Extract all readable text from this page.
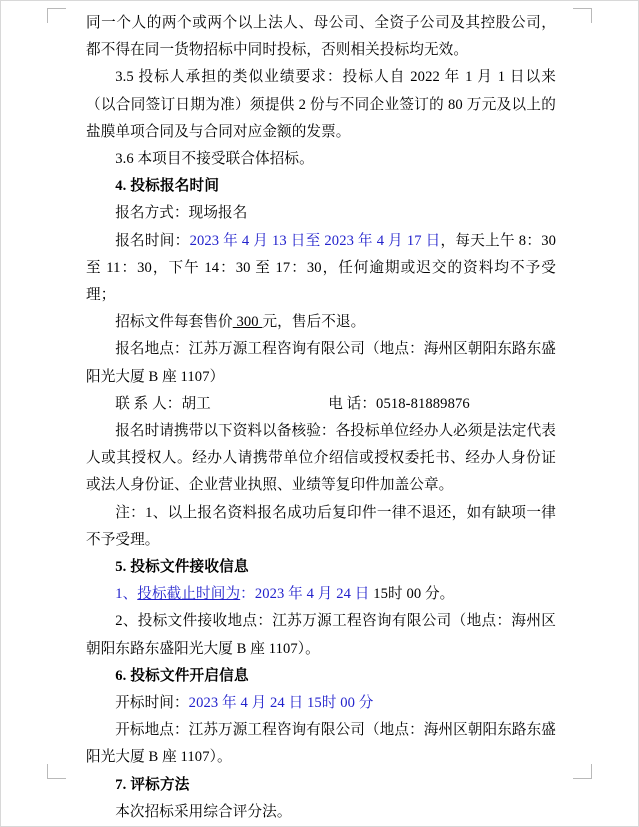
同一个人的两个或两个以上法人、母公司、全资子公司及其控股公司，都不得在同一货物招标中同时投标，否则相关投标均无效。

3.5 投标人承担的类似业绩要求：投标人自 2022 年 1 月 1 日以来（以合同签订日期为准）须提供 2 份与不同企业签订的 80 万元及以上的盐膜单项合同及与合同对应金额的发票。

3.6 本项目不接受联合体招标。

4. 投标报名时间

报名方式：现场报名

报名时间：2023 年 4 月 13 日至 2023 年 4 月 17 日，每天上午 8：30 至 11：30，下午 14：30 至 17：30，任何逾期或迟交的资料均不予受理；

招标文件每套售价 300 元，售后不退。

报名地点：江苏万源工程咨询有限公司（地点：海州区朝阳东路东盛阳光大厦 B 座 1107）

联 系 人：胡工　　　　　　	电 话：0518-81889876

报名时请携带以下资料以备核验：各投标单位经办人必须是法定代表人或其授权人。经办人请携带单位介绍信或授权委托书、经办人身份证或法人身份证、企业营业执照、业绩等复印件加盖公章。

注：1、以上报名资料报名成功后复印件一律不退还，如有缺项一律不予受理。

5. 投标文件接收信息

1、投标截止时间为：2023 年 4 月 24 日 15时 00 分。

2、投标文件接收地点：江苏万源工程咨询有限公司（地点：海州区朝阳东路东盛阳光大厦 B 座 1107）。

6. 投标文件开启信息

开标时间：2023 年 4 月 24 日 15时 00 分

开标地点：江苏万源工程咨询有限公司（地点：海州区朝阳东路东盛阳光大厦 B 座 1107）。

7. 评标方法

本次招标采用综合评分法。
